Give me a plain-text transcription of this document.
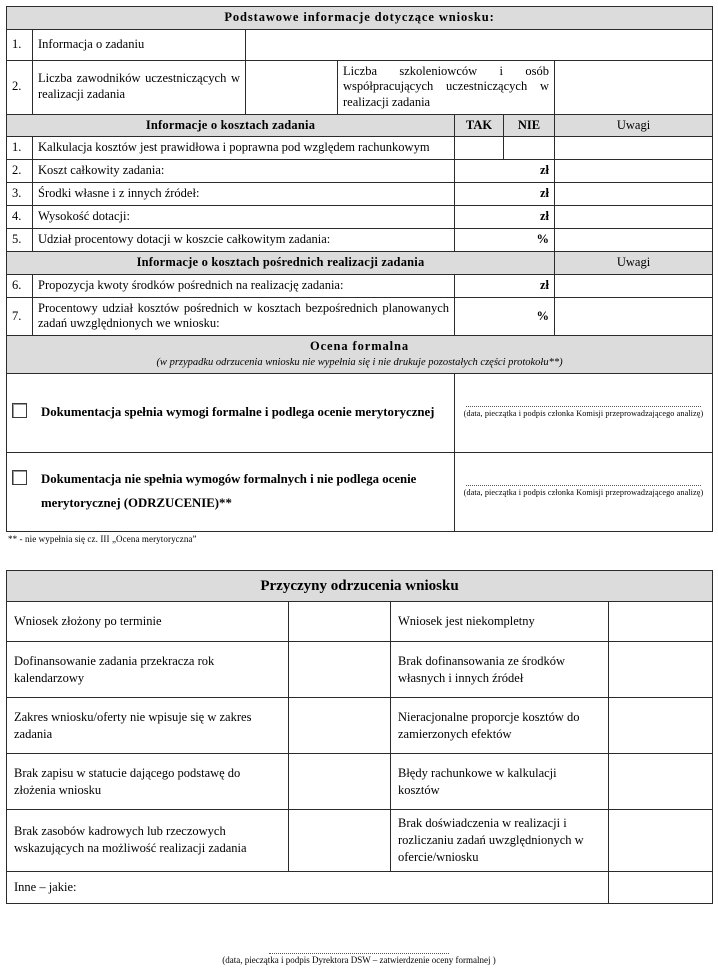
Podstawowe informacje dotyczące wniosku:						
1.	Informacja o zadaniu					
2.	Liczba zawodników uczestniczących w realizacji zadania		Liczba szkoleniowców i osób współpracujących uczestniczących w realizacji zadania			
Informacje o kosztach zadania				TAK	NIE	Uwagi
1.	Kalkulacja kosztów jest prawidłowa i poprawna pod względem rachunkowym					
2.	Koszt całkowity zadania:			zł		
3.	Środki własne i z innych źródeł:			zł		
4.	Wysokość dotacji:			zł		
5.	Udział procentowy dotacji w koszcie całkowitym zadania:			%		
Informacje o kosztach pośrednich realizacji zadania						Uwagi
6.	Propozycja kwoty środków pośrednich na realizację zadania:			zł		
7.	Procentowy udział kosztów pośrednich w kosztach bezpośrednich planowanych zadań uwzględnionych we wniosku:			%		
Ocena formalna
(w przypadku odrzucenia wniosku nie wypełnia się i nie drukuje pozostałych części protokołu**)						

Dokumentacja spełnia wymogi formalne i podlega ocenie merytorycznej				(data, pieczątka i podpis członka Komisji przeprowadzającego analizę)		

Dokumentacja nie spełnia wymogów formalnych i nie podlega ocenie merytorycznej (ODRZUCENIE)**				(data, pieczątka i podpis członka Komisji przeprowadzającego analizę)		
** - nie wypełnia się cz. III „Ocena merytoryczna”
Przyczyny odrzucenia wniosku			
Wniosek złożony po terminie		Wniosek jest niekompletny	
Dofinansowanie zadania przekracza rok kalendarzowy		Brak dofinansowania ze środków własnych i innych źródeł	
Zakres wniosku/oferty nie wpisuje się w zakres zadania		Nieracjonalne proporcje kosztów do zamierzonych efektów	
Brak zapisu w statucie dającego podstawę do złożenia wniosku		Błędy rachunkowe w kalkulacji kosztów	
Brak zasobów kadrowych lub rzeczowych wskazujących na możliwość realizacji zadania		Brak doświadczenia w realizacji i rozliczaniu zadań uwzględnionych w ofercie/wniosku	
Inne – jakie:			
(data, pieczątka i podpis Dyrektora DSW – zatwierdzenie oceny formalnej )
